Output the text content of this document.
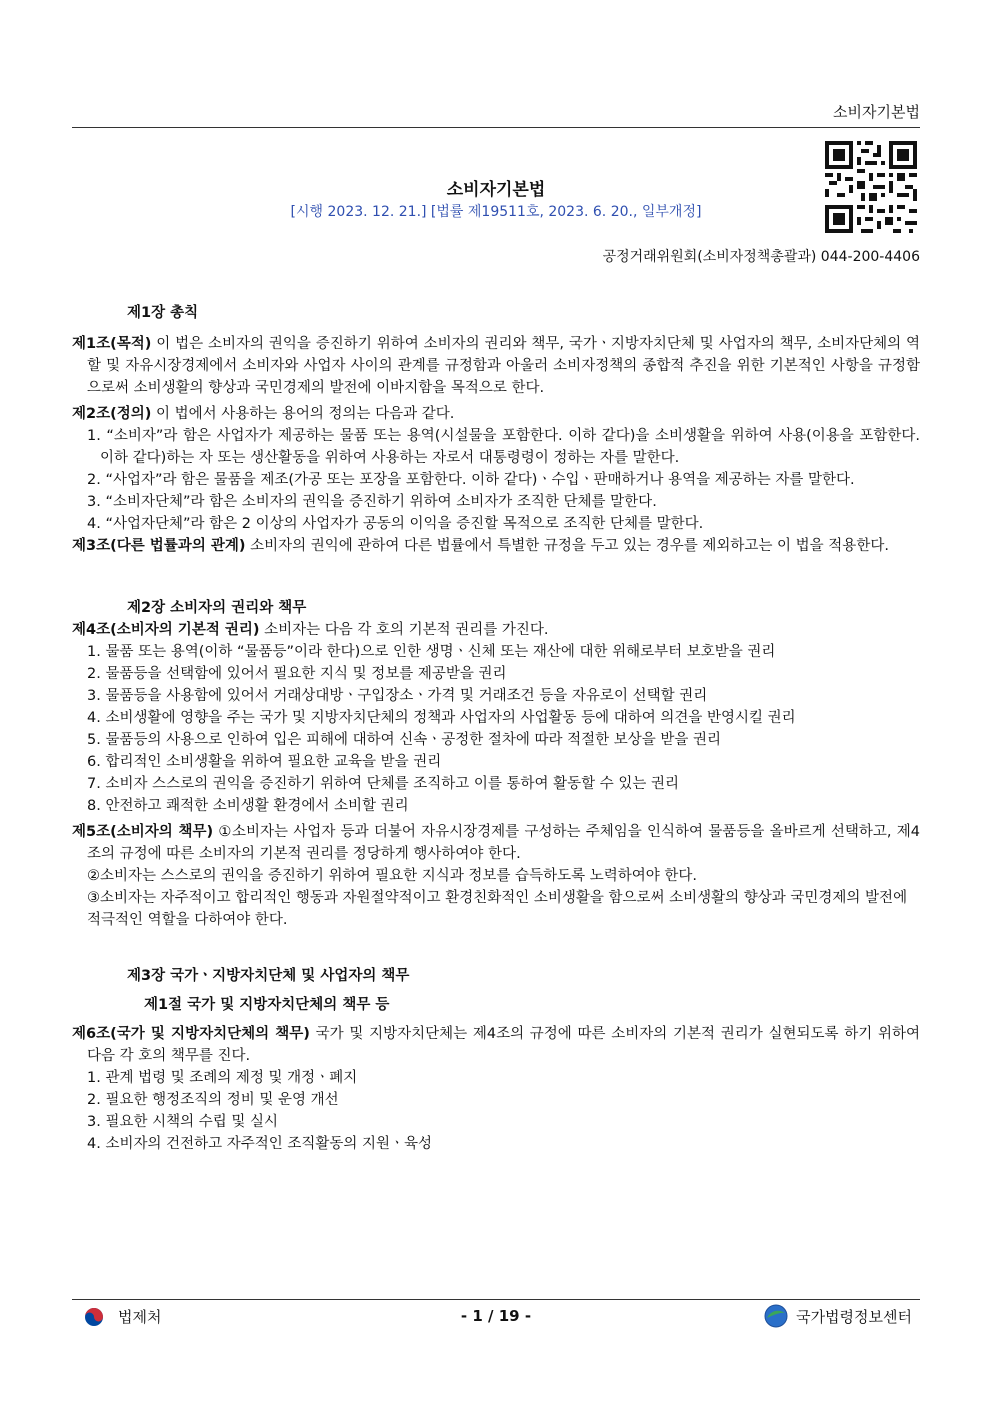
소비자기본법
소비자기본법
[시행 2023. 12. 21.] [법률 제19511호, 2023. 6. 20., 일부개정]
공정거래위원회(소비자정책총괄과) 044-200-4406
제1장 총칙
제1조(목적) 이 법은 소비자의 권익을 증진하기 위하여 소비자의 권리와 책무, 국가ㆍ지방자치단체 및 사업자의 책무, 소비자단체의 역할 및 자유시장경제에서 소비자와 사업자 사이의 관계를 규정함과 아울러 소비자정책의 종합적 추진을 위한 기본적인 사항을 규정함으로써 소비생활의 향상과 국민경제의 발전에 이바지함을 목적으로 한다.
제2조(정의) 이 법에서 사용하는 용어의 정의는 다음과 같다.
1. “소비자”라 함은 사업자가 제공하는 물품 또는 용역(시설물을 포함한다. 이하 같다)을 소비생활을 위하여 사용(이용을 포함한다. 이하 같다)하는 자 또는 생산활동을 위하여 사용하는 자로서 대통령령이 정하는 자를 말한다.
2. “사업자”라 함은 물품을 제조(가공 또는 포장을 포함한다. 이하 같다)ㆍ수입ㆍ판매하거나 용역을 제공하는 자를 말한다.
3. “소비자단체”라 함은 소비자의 권익을 증진하기 위하여 소비자가 조직한 단체를 말한다.
4. “사업자단체”라 함은 2 이상의 사업자가 공동의 이익을 증진할 목적으로 조직한 단체를 말한다.
제3조(다른 법률과의 관계) 소비자의 권익에 관하여 다른 법률에서 특별한 규정을 두고 있는 경우를 제외하고는 이 법을 적용한다.
제2장 소비자의 권리와 책무
제4조(소비자의 기본적 권리) 소비자는 다음 각 호의 기본적 권리를 가진다.
1. 물품 또는 용역(이하 “물품등”이라 한다)으로 인한 생명ㆍ신체 또는 재산에 대한 위해로부터 보호받을 권리
2. 물품등을 선택함에 있어서 필요한 지식 및 정보를 제공받을 권리
3. 물품등을 사용함에 있어서 거래상대방ㆍ구입장소ㆍ가격 및 거래조건 등을 자유로이 선택할 권리
4. 소비생활에 영향을 주는 국가 및 지방자치단체의 정책과 사업자의 사업활동 등에 대하여 의견을 반영시킬 권리
5. 물품등의 사용으로 인하여 입은 피해에 대하여 신속ㆍ공정한 절차에 따라 적절한 보상을 받을 권리
6. 합리적인 소비생활을 위하여 필요한 교육을 받을 권리
7. 소비자 스스로의 권익을 증진하기 위하여 단체를 조직하고 이를 통하여 활동할 수 있는 권리
8. 안전하고 쾌적한 소비생활 환경에서 소비할 권리
제5조(소비자의 책무) ①소비자는 사업자 등과 더불어 자유시장경제를 구성하는 주체임을 인식하여 물품등을 올바르게 선택하고, 제4조의 규정에 따른 소비자의 기본적 권리를 정당하게 행사하여야 한다.
②소비자는 스스로의 권익을 증진하기 위하여 필요한 지식과 정보를 습득하도록 노력하여야 한다.
③소비자는 자주적이고 합리적인 행동과 자원절약적이고 환경친화적인 소비생활을 함으로써 소비생활의 향상과 국민경제의 발전에 적극적인 역할을 다하여야 한다.
제3장 국가ㆍ지방자치단체 및 사업자의 책무
제1절 국가 및 지방자치단체의 책무 등
제6조(국가 및 지방자치단체의 책무) 국가 및 지방자치단체는 제4조의 규정에 따른 소비자의 기본적 권리가 실현되도록 하기 위하여 다음 각 호의 책무를 진다.
1. 관계 법령 및 조례의 제정 및 개정ㆍ폐지
2. 필요한 행정조직의 정비 및 운영 개선
3. 필요한 시책의 수립 및 실시
4. 소비자의 건전하고 자주적인 조직활동의 지원ㆍ육성
법제처	- 1 / 19 -	국가법령정보센터
